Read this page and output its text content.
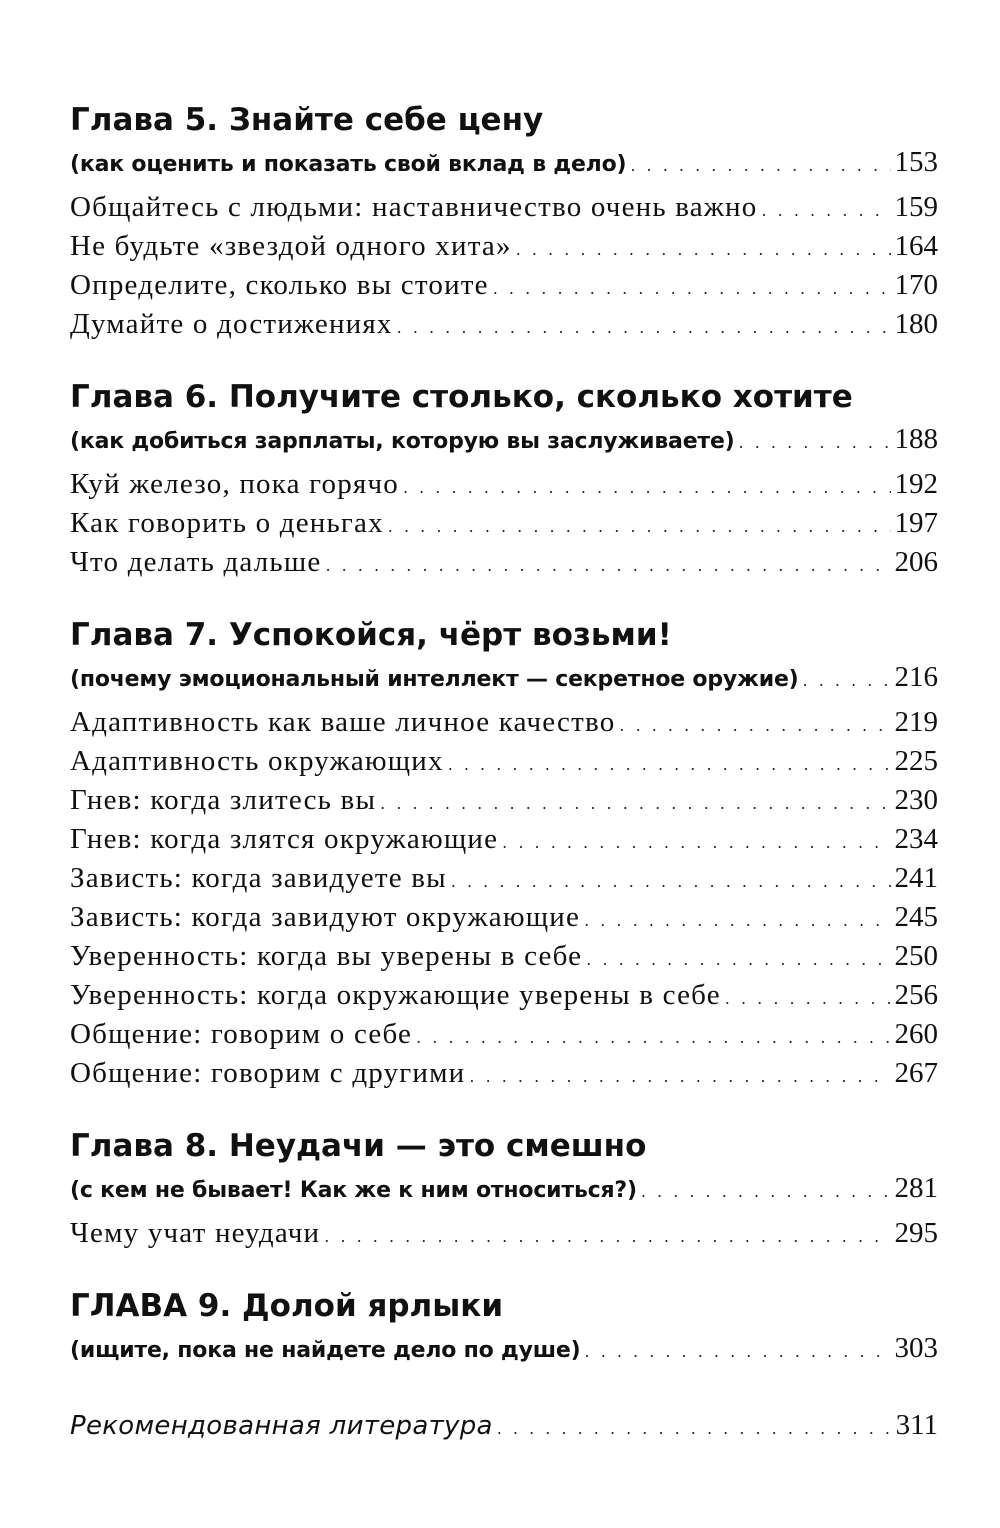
Глава 5. Знайте себе цену
(как оценить и показать свой вклад в дело) . . .	153
Общайтесь с людьми: наставничество очень важно . . .	159
Не будьте «звездой одного хита» . . .	164
Определите, сколько вы стоите . . .	170
Думайте о достижениях . . .	180
Глава 6. Получите столько, сколько хотите
(как добиться зарплаты, которую вы заслуживаете) . . .	188
Куй железо, пока горячо . . .	192
Как говорить о деньгах . . .	197
Что делать дальше . . .	206
Глава 7. Успокойся, чёрт возьми!
(почему эмоциональный интеллект — секретное оружие) . . .	216
Адаптивность как ваше личное качество . . .	219
Адаптивность окружающих . . .	225
Гнев: когда злитесь вы . . .	230
Гнев: когда злятся окружающие . . .	234
Зависть: когда завидуете вы . . .	241
Зависть: когда завидуют окружающие . . .	245
Уверенность: когда вы уверены в себе . . .	250
Уверенность: когда окружающие уверены в себе . . .	256
Общение: говорим о себе . . .	260
Общение: говорим с другими . . .	267
Глава 8. Неудачи — это смешно
(с кем не бывает! Как же к ним относиться?) . . .	281
Чему учат неудачи . . .	295
ГЛАВА 9. Долой ярлыки
(ищите, пока не найдете дело по душе) . . .	303
Рекомендованная литература . . .	311
